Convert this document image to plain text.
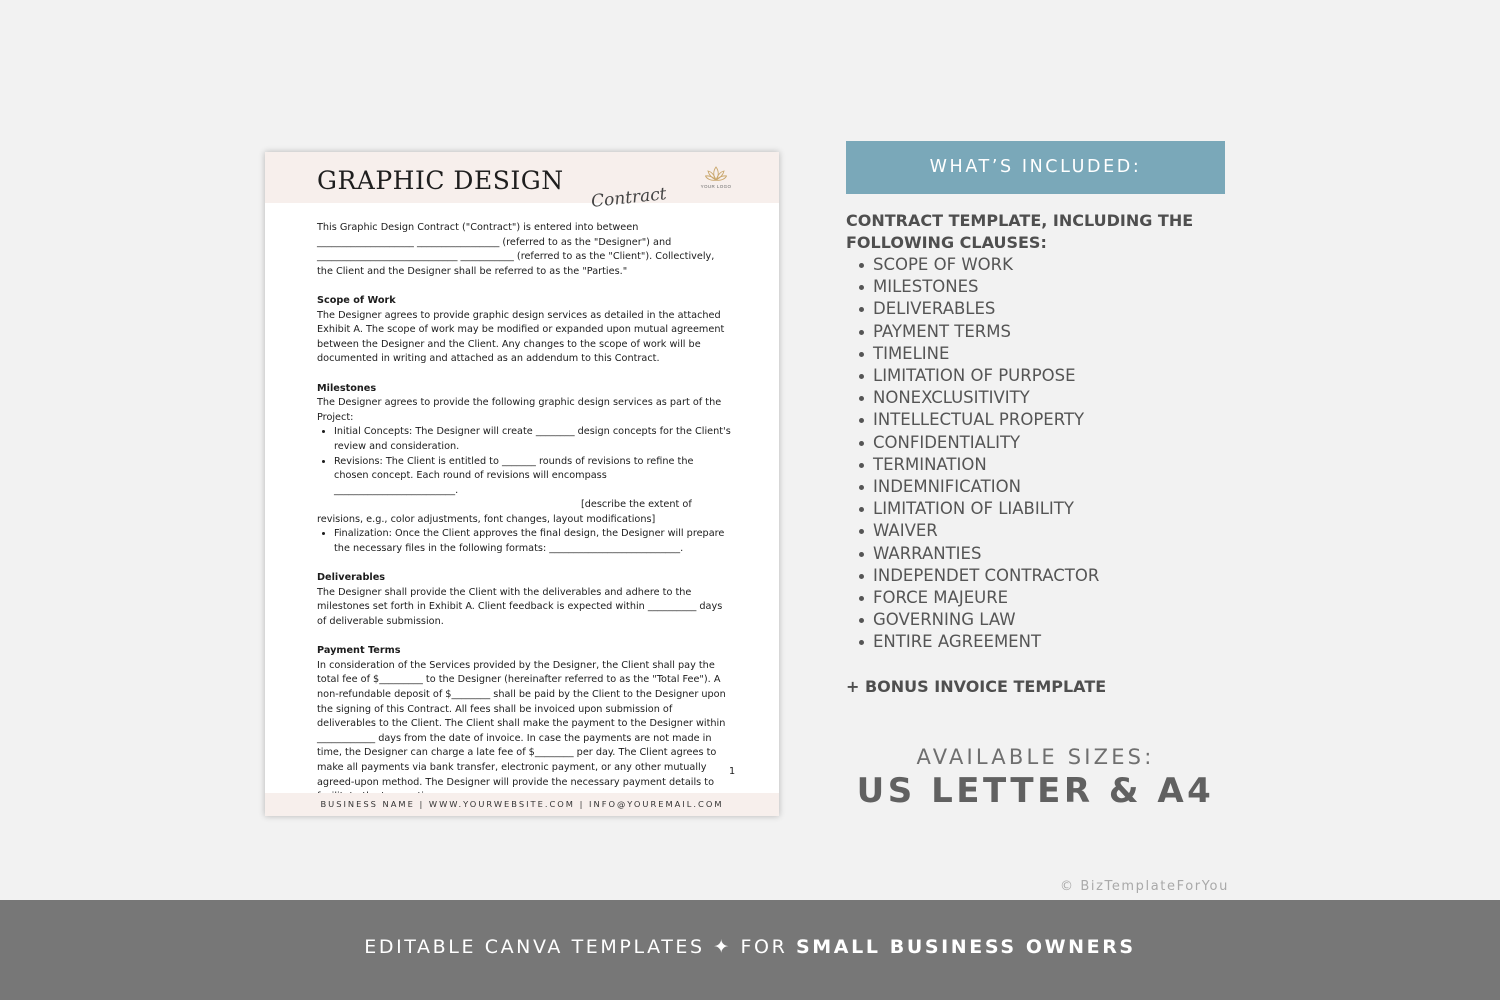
GRAPHIC DESIGN
Contract	YOUR LOGO

This Graphic Design Contract ("Contract") is entered into between ____________________ _________________ (referred to as the "Designer") and _____________________________ ___________ (referred to as the "Client"). Collectively, the Client and the Designer shall be referred to as the "Parties."

Scope of Work

The Designer agrees to provide graphic design services as detailed in the attached Exhibit A. The scope of work may be modified or expanded upon mutual agreement between the Designer and the Client. Any changes to the scope of work will be documented in writing and attached as an addendum to this Contract.

Milestones

The Designer agrees to provide the following graphic design services as part of the Project:

• Initial Concepts: The Designer will create ________ design concepts for the Client's review and consideration.
• Revisions: The Client is entitled to _______ rounds of revisions to refine the chosen concept. Each round of revisions will encompass _________________________.

[describe the extent of

revisions, e.g., color adjustments, font changes, layout modifications]

• Finalization: Once the Client approves the final design, the Designer will prepare the necessary files in the following formats: ___________________________.

Deliverables

The Designer shall provide the Client with the deliverables and adhere to the milestones set forth in Exhibit A. Client feedback is expected within __________ days of deliverable submission.

Payment Terms

In consideration of the Services provided by the Designer, the Client shall pay the total fee of $_________ to the Designer (hereinafter referred to as the "Total Fee"). A non-refundable deposit of $________ shall be paid by the Client to the Designer upon the signing of this Contract. All fees shall be invoiced upon submission of deliverables to the Client. The Client shall make the payment to the Designer within ____________ days from the date of invoice. In case the payments are not made in time, the Designer can charge a late fee of $________ per day. The Client agrees to make all payments via bank transfer, electronic payment, or any other mutually agreed-upon method. The Designer will provide the necessary payment details to

1
BUSINESS NAME | WWW.YOURWEBSITE.COM | INFO@YOUREMAIL.COM
WHAT’S INCLUDED:
CONTRACT TEMPLATE, INCLUDING THE FOLLOWING CLAUSES:
SCOPE OF WORK
MILESTONES
DELIVERABLES
PAYMENT TERMS
TIMELINE
LIMITATION OF PURPOSE
NONEXCLUSITIVITY
INTELLECTUAL PROPERTY
CONFIDENTIALITY
TERMINATION
INDEMNIFICATION
LIMITATION OF LIABILITY
WAIVER
WARRANTIES
INDEPENDET CONTRACTOR
FORCE MAJEURE
GOVERNING LAW
ENTIRE AGREEMENT
+ BONUS INVOICE TEMPLATE
AVAILABLE SIZES:
US LETTER & A4
© BizTemplateForYou
EDITABLE CANVA TEMPLATES ✦ FOR SMALL BUSINESS OWNERS
